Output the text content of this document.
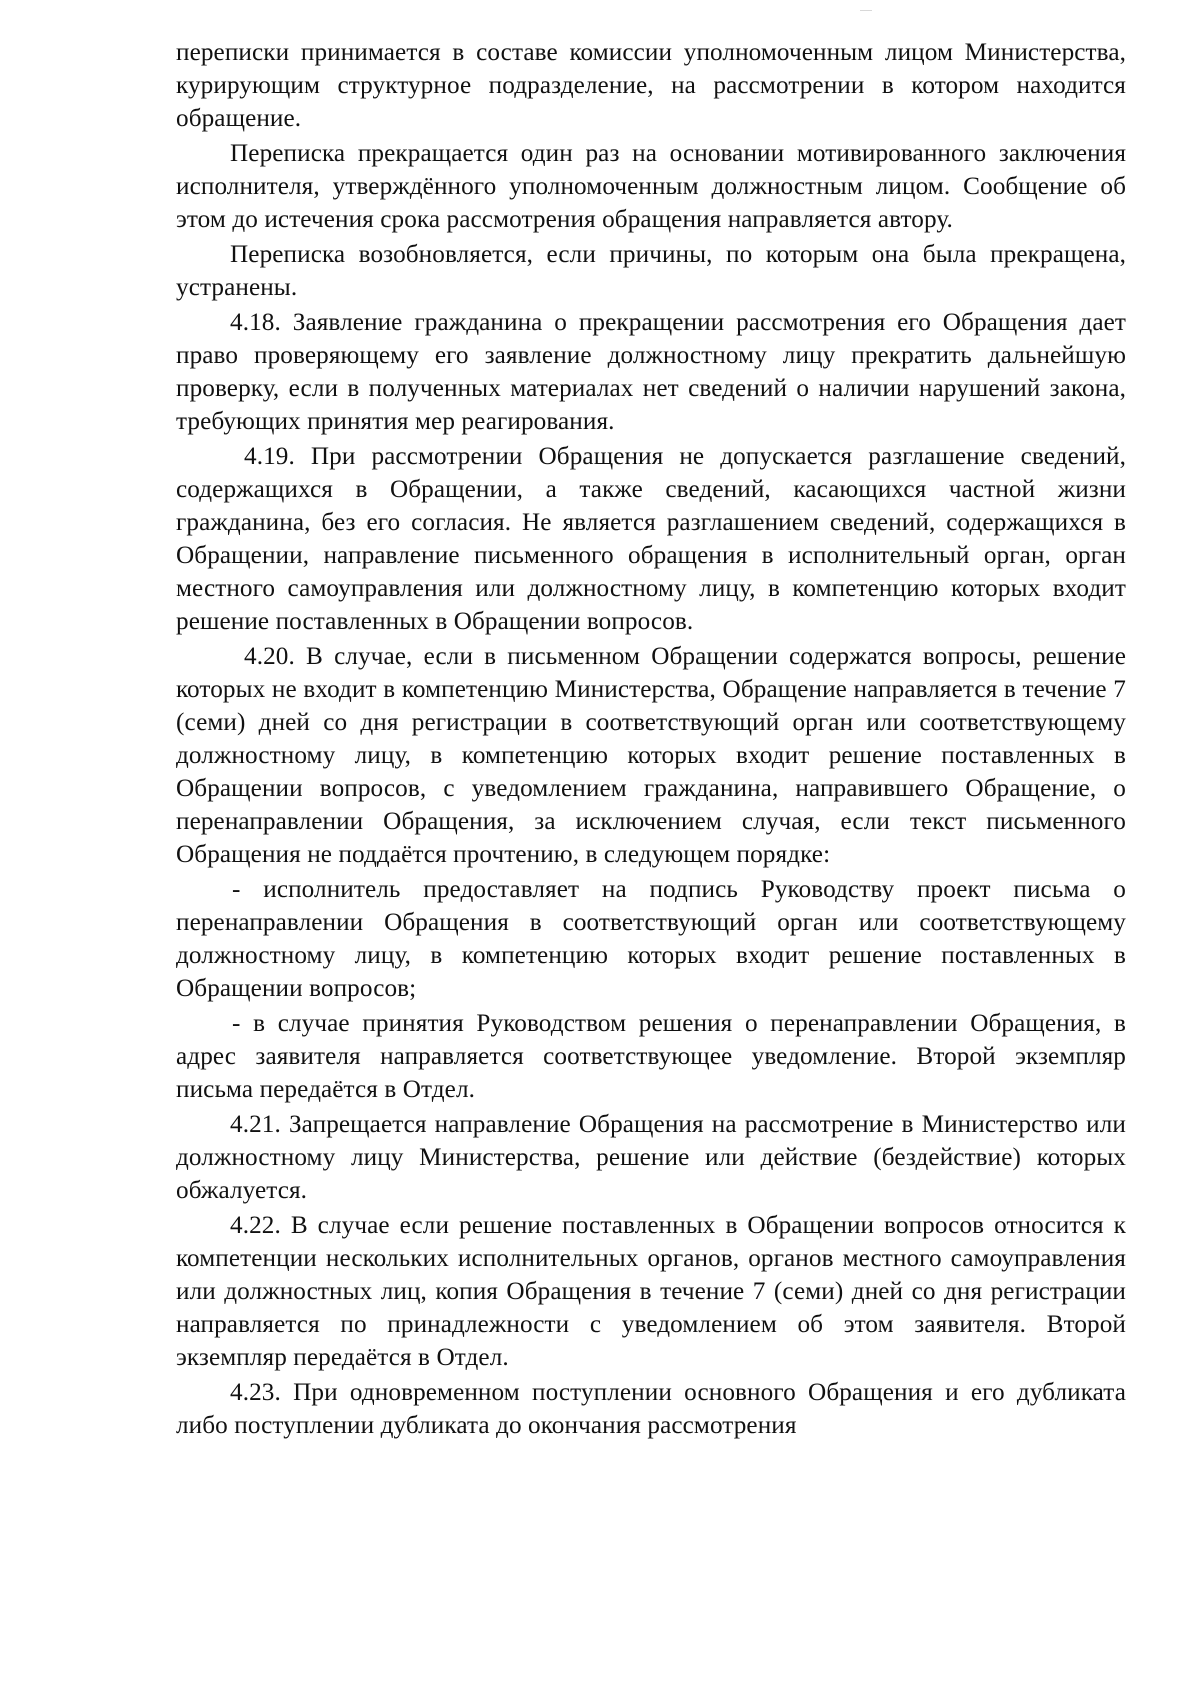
переписки принимается в составе комиссии уполномоченным лицом Министерства, курирующим структурное подразделение, на рассмотрении в котором находится обращение.

Переписка прекращается один раз на основании мотивированного заключения исполнителя, утверждённого уполномоченным должностным лицом. Сообщение об этом до истечения срока рассмотрения обращения направляется автору.

Переписка возобновляется, если причины, по которым она была прекращена, устранены.

4.18. Заявление гражданина о прекращении рассмотрения его Обращения дает право проверяющему его заявление должностному лицу прекратить дальнейшую проверку, если в полученных материалах нет сведений о наличии нарушений закона, требующих принятия мер реагирования.

4.19. При рассмотрении Обращения не допускается разглашение сведений, содержащихся в Обращении, а также сведений, касающихся частной жизни гражданина, без его согласия. Не является разглашением сведений, содержащихся в Обращении, направление письменного обращения в исполнительный орган, орган местного самоуправления или должностному лицу, в компетенцию которых входит решение поставленных в Обращении вопросов.

4.20. В случае, если в письменном Обращении содержатся вопросы, решение которых не входит в компетенцию Министерства, Обращение направляется в течение 7 (семи) дней со дня регистрации в соответствующий орган или соответствующему должностному лицу, в компетенцию которых входит решение поставленных в Обращении вопросов, с уведомлением гражданина, направившего Обращение, о перенаправлении Обращения, за исключением случая, если текст письменного Обращения не поддаётся прочтению, в следующем порядке:

- исполнитель предоставляет на подпись Руководству проект письма о перенаправлении Обращения в соответствующий орган или соответствующему должностному лицу, в компетенцию которых входит решение поставленных в Обращении вопросов;

- в случае принятия Руководством решения о перенаправлении Обращения, в адрес заявителя направляется соответствующее уведомление. Второй экземпляр письма передаётся в Отдел.

4.21. Запрещается направление Обращения на рассмотрение в Министерство или должностному лицу Министерства, решение или действие (бездействие) которых обжалуется.

4.22. В случае если решение поставленных в Обращении вопросов относится к компетенции нескольких исполнительных органов, органов местного самоуправления или должностных лиц, копия Обращения в течение 7 (семи) дней со дня регистрации направляется по принадлежности с уведомлением об этом заявителя. Второй экземпляр передаётся в Отдел.

4.23. При одновременном поступлении основного Обращения и его дубликата либо поступлении дубликата до окончания рассмотрения
